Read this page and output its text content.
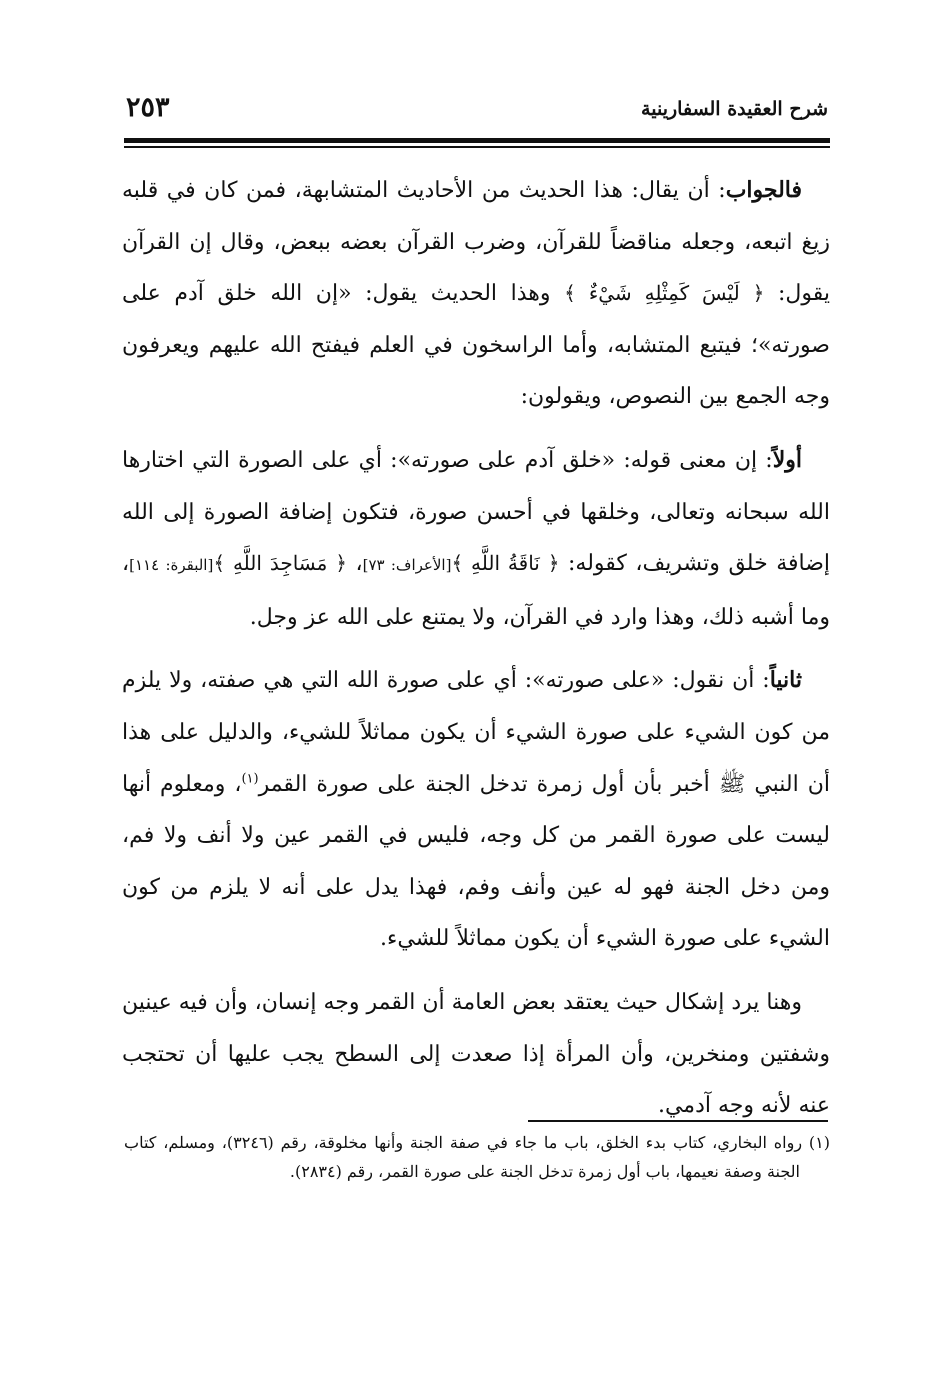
شرح العقيدة السفارينية
٢٥٣

فالجواب: أن يقال: هذا الحديث من الأحاديث المتشابهة، فمن كان في قلبه زيغ اتبعه، وجعله مناقضاً للقرآن، وضرب القرآن بعضه ببعض، وقال إن القرآن يقول: ﴿ لَيْسَ كَمِثْلِهِ شَيْءٌ ﴾ وهذا الحديث يقول: «إن الله خلق آدم على صورته»؛ فيتبع المتشابه، وأما الراسخون في العلم فيفتح الله عليهم ويعرفون وجه الجمع بين النصوص، ويقولون:

أولاً: إن معنى قوله: «خلق آدم على صورته»: أي على الصورة التي اختارها الله سبحانه وتعالى، وخلقها في أحسن صورة، فتكون إضافة الصورة إلى الله إضافة خلق وتشريف، كقوله: ﴿ نَاقَةُ اللَّهِ ﴾[الأعراف: ٧٣]، ﴿ مَسَاجِدَ اللَّهِ ﴾[البقرة: ١١٤]، وما أشبه ذلك، وهذا وارد في القرآن، ولا يمتنع على الله عز وجل.

ثانياً: أن نقول: «على صورته»: أي على صورة الله التي هي صفته، ولا يلزم من كون الشيء على صورة الشيء أن يكون مماثلاً للشيء، والدليل على هذا أن النبي ﷺ أخبر بأن أول زمرة تدخل الجنة على صورة القمر$^{(١)}$، ومعلوم أنها ليست على صورة القمر من كل وجه، فليس في القمر عين ولا أنف ولا فم، ومن دخل الجنة فهو له عين وأنف وفم، فهذا يدل على أنه لا يلزم من كون الشيء على صورة الشيء أن يكون مماثلاً للشيء.

وهنا يرد إشكال حيث يعتقد بعض العامة أن القمر وجه إنسان، وأن فيه عينين وشفتين ومنخرين، وأن المرأة إذا صعدت إلى السطح يجب عليها أن تحتجب عنه لأنه وجه آدمي.

(١) رواه البخاري، كتاب بدء الخلق، باب ما جاء في صفة الجنة وأنها مخلوقة، رقم (٣٢٤٦)، ومسلم، كتاب الجنة وصفة نعيمها، باب أول زمرة تدخل الجنة على صورة القمر، رقم (٢٨٣٤).
